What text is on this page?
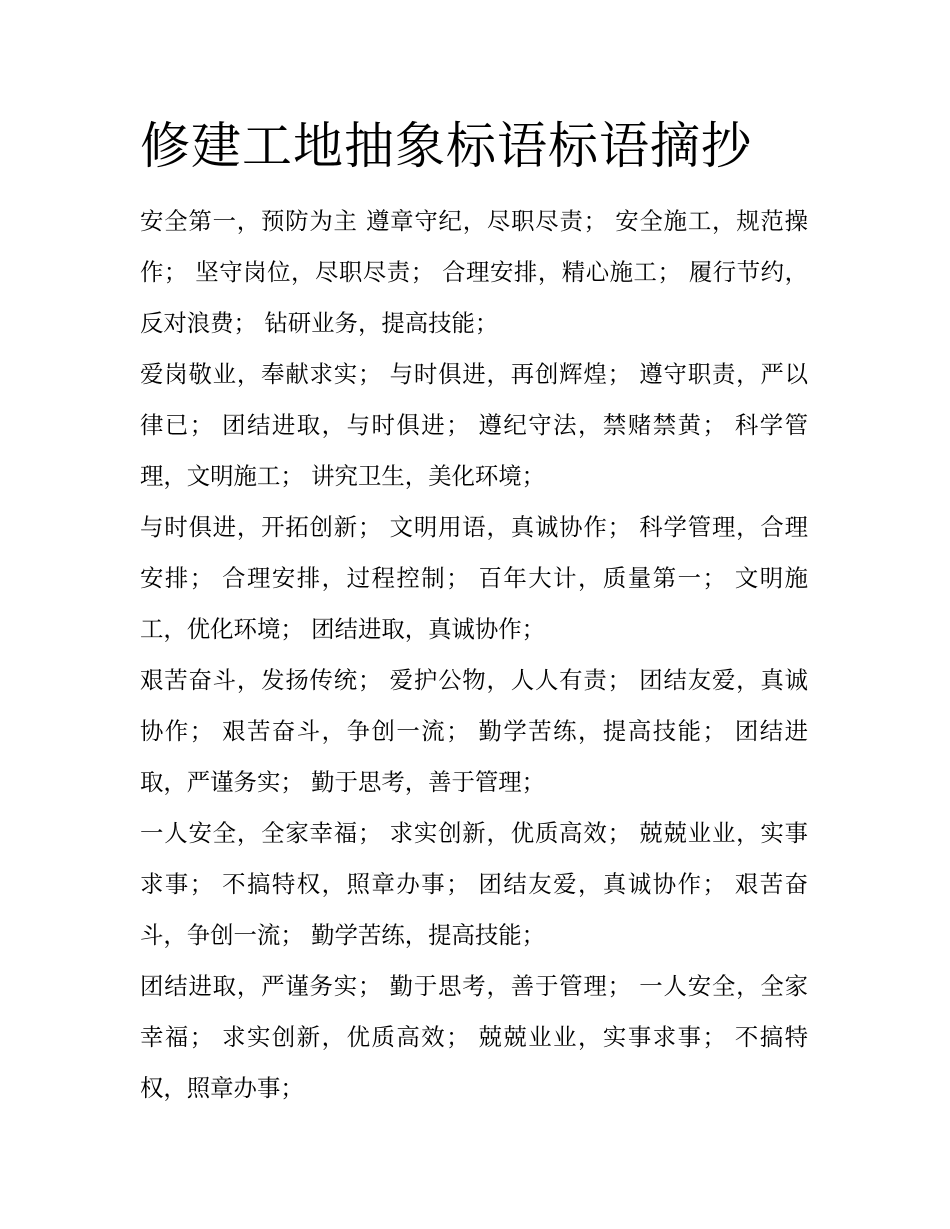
修建工地抽象标语标语摘抄

安全第一，预防为主 遵章守纪，尽职尽责； 安全施工，规范操作； 坚守岗位，尽职尽责； 合理安排，精心施工； 履行节约，反对浪费； 钻研业务，提高技能；

爱岗敬业，奉献求实； 与时俱进，再创辉煌； 遵守职责，严以律已； 团结进取，与时俱进； 遵纪守法，禁赌禁黄； 科学管理，文明施工； 讲究卫生，美化环境；

与时俱进，开拓创新； 文明用语，真诚协作； 科学管理，合理安排； 合理安排，过程控制； 百年大计，质量第一； 文明施工，优化环境； 团结进取，真诚协作；

艰苦奋斗，发扬传统； 爱护公物，人人有责； 团结友爱，真诚协作； 艰苦奋斗，争创一流； 勤学苦练，提高技能； 团结进取，严谨务实； 勤于思考，善于管理；

一人安全，全家幸福； 求实创新，优质高效； 兢兢业业，实事求事； 不搞特权，照章办事； 团结友爱，真诚协作； 艰苦奋斗，争创一流； 勤学苦练，提高技能；

团结进取，严谨务实； 勤于思考，善于管理； 一人安全，全家幸福； 求实创新，优质高效； 兢兢业业，实事求事； 不搞特权，照章办事；
